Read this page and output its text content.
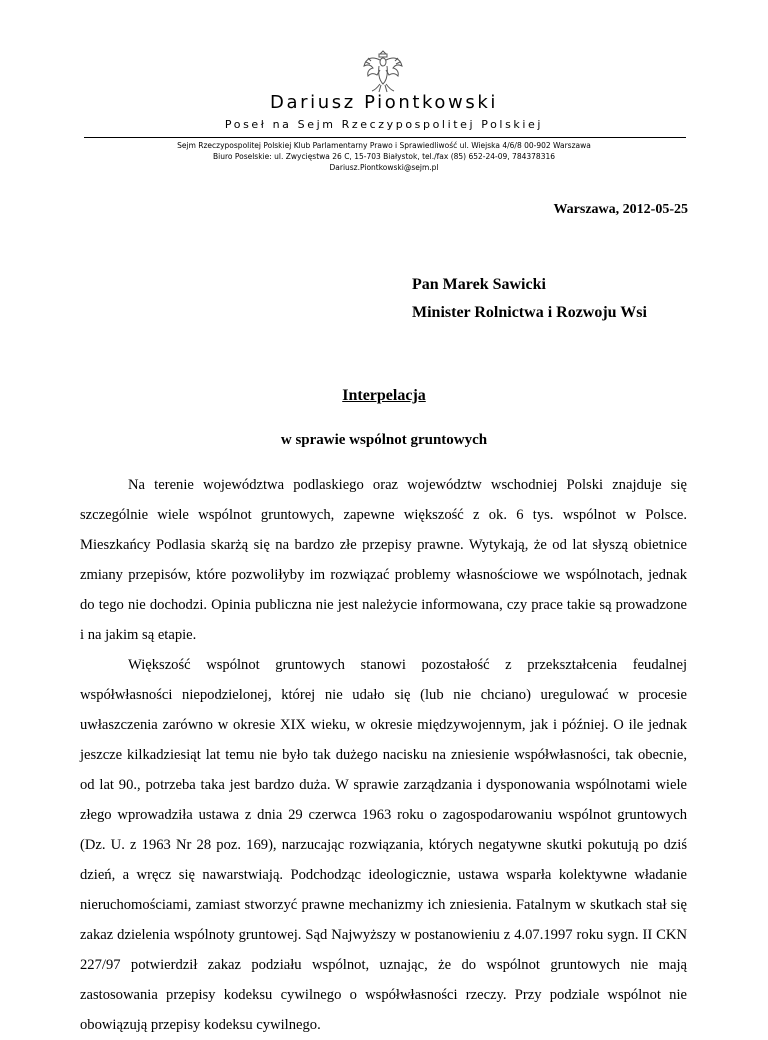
Dariusz Piontkowski
Poseł na Sejm Rzeczypospolitej Polskiej
Sejm Rzeczypospolitej Polskiej Klub Parlamentarny Prawo i Sprawiedliwość ul. Wiejska 4/6/8 00-902 Warszawa
Biuro Poselskie: ul. Zwycięstwa 26 C, 15-703 Białystok, tel./fax (85) 652-24-09, 784378316
Dariusz.Piontkowski@sejm.pl
Warszawa, 2012-05-25
Pan Marek Sawicki
Minister Rolnictwa i Rozwoju Wsi
Interpelacja
w sprawie wspólnot gruntowych

Na terenie województwa podlaskiego oraz województw wschodniej Polski znajduje się szczególnie wiele wspólnot gruntowych, zapewne większość z ok. 6 tys. wspólnot w Polsce. Mieszkańcy Podlasia skarżą się na bardzo złe przepisy prawne. Wytykają, że od lat słyszą obietnice zmiany przepisów, które pozwoliłyby im rozwiązać problemy własnościowe we wspólnotach, jednak do tego nie dochodzi. Opinia publiczna nie jest należycie informowana, czy prace takie są prowadzone i na jakim są etapie.

Większość wspólnot gruntowych stanowi pozostałość z przekształcenia feudalnej współwłasności niepodzielonej, której nie udało się (lub nie chciano) uregulować w procesie uwłaszczenia zarówno w okresie XIX wieku, w okresie międzywojennym, jak i później. O ile jednak jeszcze kilkadziesiąt lat temu nie było tak dużego nacisku na zniesienie współwłasności, tak obecnie, od lat 90., potrzeba taka jest bardzo duża. W sprawie zarządzania i dysponowania wspólnotami wiele złego wprowadziła ustawa z dnia 29 czerwca 1963 roku o zagospodarowaniu wspólnot gruntowych (Dz. U. z 1963 Nr 28 poz. 169), narzucając rozwiązania, których negatywne skutki pokutują po dziś dzień, a wręcz się nawarstwiają. Podchodząc ideologicznie, ustawa wsparła kolektywne władanie nieruchomościami, zamiast stworzyć prawne mechanizmy ich zniesienia. Fatalnym w skutkach stał się zakaz dzielenia wspólnoty gruntowej. Sąd Najwyższy w postanowieniu z 4.07.1997 roku sygn. II CKN 227/97 potwierdził zakaz podziału wspólnot, uznając, że do wspólnot gruntowych nie mają zastosowania przepisy kodeksu cywilnego o współwłasności rzeczy. Przy podziale wspólnot nie obowiązują przepisy kodeksu cywilnego.
